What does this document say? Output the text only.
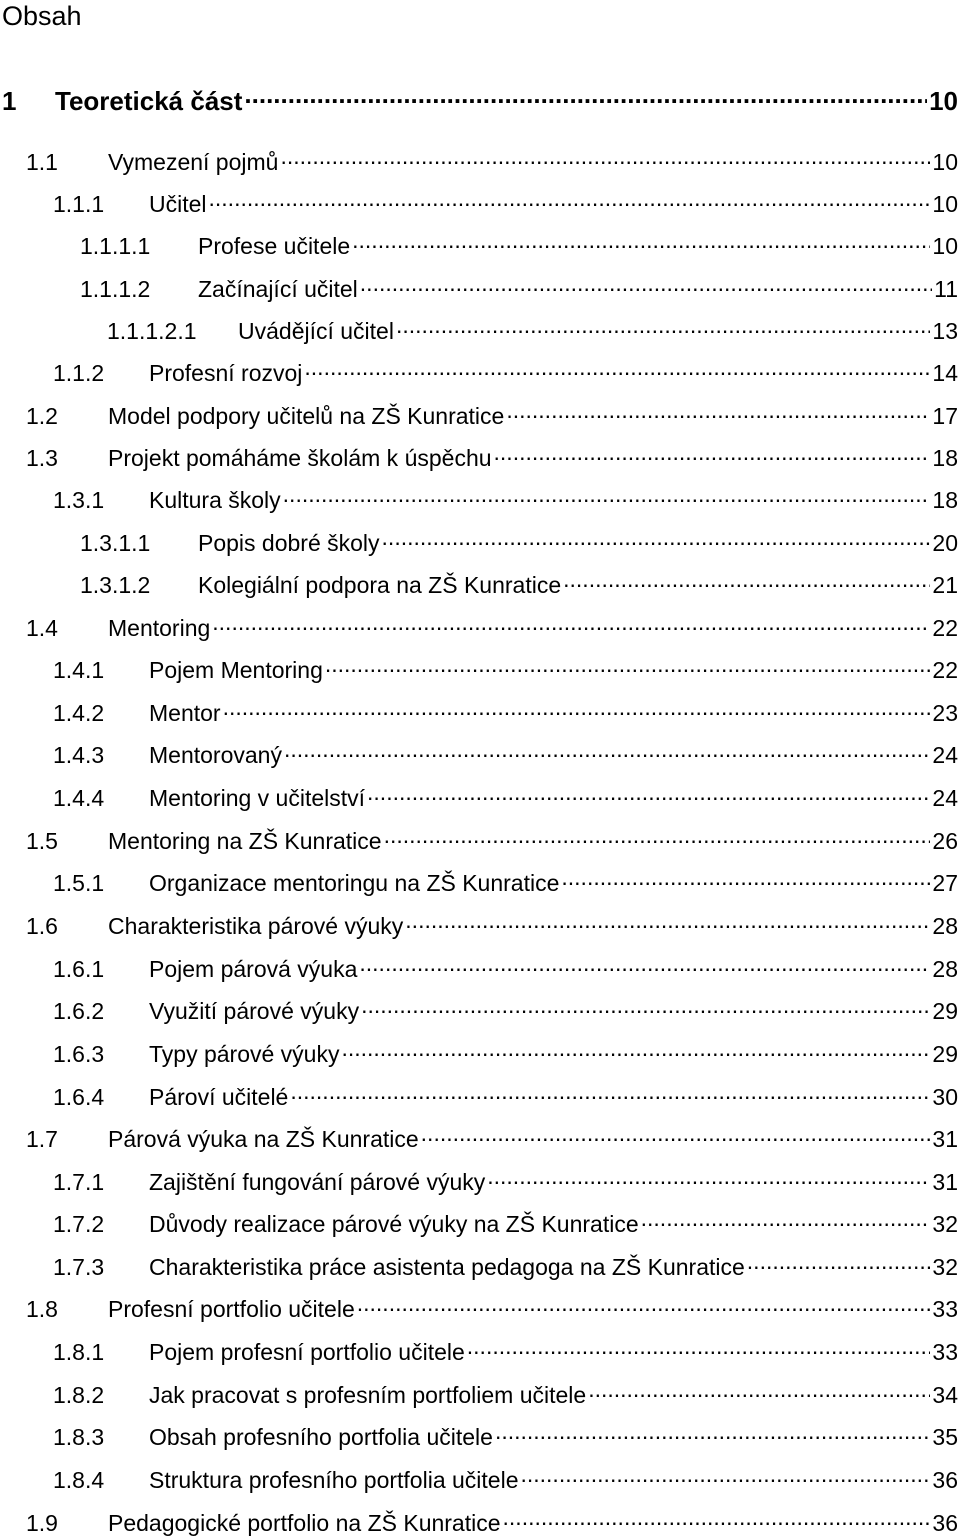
Obsah
1	Teoretická část .....	10
1.1	Vymezení pojmů .....	10
1.1.1	Učitel .....	10
1.1.1.1	Profese učitele .....	10
1.1.1.2	Začínající učitel .....	11
1.1.1.2.1	Uvádějící učitel .....	13
1.1.2	Profesní rozvoj .....	14
1.2	Model podpory učitelů na ZŠ Kunratice .....	17
1.3	Projekt pomáháme školám k úspěchu .....	18
1.3.1	Kultura školy .....	18
1.3.1.1	Popis dobré školy .....	20
1.3.1.2	Kolegiální podpora na ZŠ Kunratice .....	21
1.4	Mentoring .....	22
1.4.1	Pojem Mentoring .....	22
1.4.2	Mentor .....	23
1.4.3	Mentorovaný .....	24
1.4.4	Mentoring v učitelství .....	24
1.5	Mentoring na ZŠ Kunratice .....	26
1.5.1	Organizace mentoringu na ZŠ Kunratice .....	27
1.6	Charakteristika párové výuky .....	28
1.6.1	Pojem párová výuka .....	28
1.6.2	Využití párové výuky .....	29
1.6.3	Typy párové výuky .....	29
1.6.4	Pároví učitelé .....	30
1.7	Párová výuka na ZŠ Kunratice .....	31
1.7.1	Zajištění fungování párové výuky .....	31
1.7.2	Důvody realizace párové výuky na ZŠ Kunratice .....	32
1.7.3	Charakteristika práce asistenta pedagoga na ZŠ Kunratice .....	32
1.8	Profesní portfolio učitele .....	33
1.8.1	Pojem profesní portfolio učitele .....	33
1.8.2	Jak pracovat s profesním portfoliem učitele .....	34
1.8.3	Obsah profesního portfolia učitele .....	35
1.8.4	Struktura profesního portfolia učitele .....	36
1.9	Pedagogické portfolio na ZŠ Kunratice .....	36
